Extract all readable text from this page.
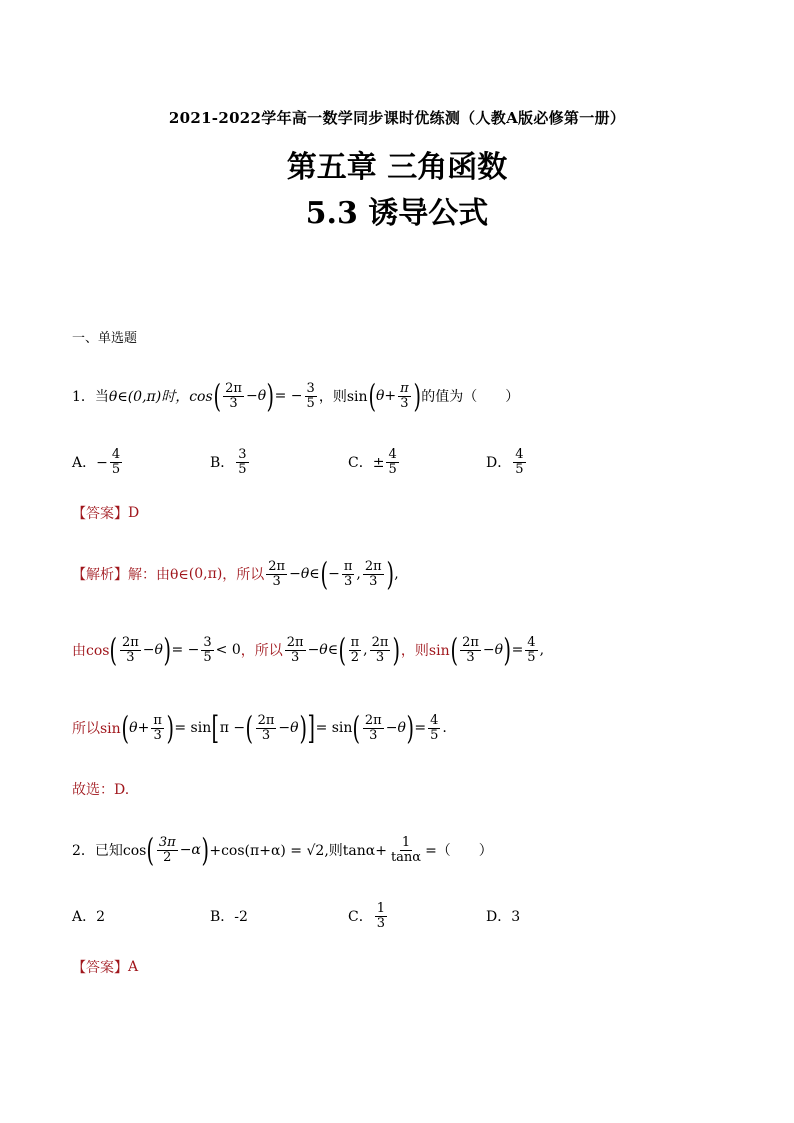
2021-2022学年高一数学同步课时优练测（人教A版必修第一册）
第五章 三角函数
5.3 诱导公式
一、单选题
1．当 θ∈(0,π)时，cos ( $\frac{2\pi}{3} -\theta$ ) = − $\frac{3}{5}$ ，则sin ( $\theta+ \frac{\pi}{3}$ ) 的值为（　　）
A．− $\frac{4}{5}$	B． $\frac{3}{5}$	C．± $\frac{4}{5}$	D． $\frac{4}{5}$
【答案】 D
【解析】 解：由θ∈ (0,π) ，所以 $\frac{2\pi}{3} -\theta$ ∈ ( − $\frac{\pi}{3}$ , $\frac{2\pi}{3}$ ) ,
由cos ( $\frac{2\pi}{3} -\theta$ ) = − $\frac{3}{5} < 0$ ，所以 $\frac{2\pi}{3} -\theta$ ∈ ( $\frac{\pi}{2}$ , $\frac{2\pi}{3}$ ) ，则sin ( $\frac{2\pi}{3} -\theta$ ) = $\frac{4}{5}$ ,
所以sin ( $\theta+ \frac{\pi}{3}$ ) = sin [ π − ( $\frac{2\pi}{3} -\theta$ ) ] = sin ( $\frac{2\pi}{3} -\theta$ ) = $\frac{4}{5}$ .
故选：D.
2．已知cos ( $\frac{3\pi}{2} -\alpha$ ) +cos(π+α) = √2,则$\tan\alpha+ \frac{1}{\tan\alpha}$ =（　　）
A．2	B．-2	C． $\frac{1}{3}$	D．3
【答案】 A
